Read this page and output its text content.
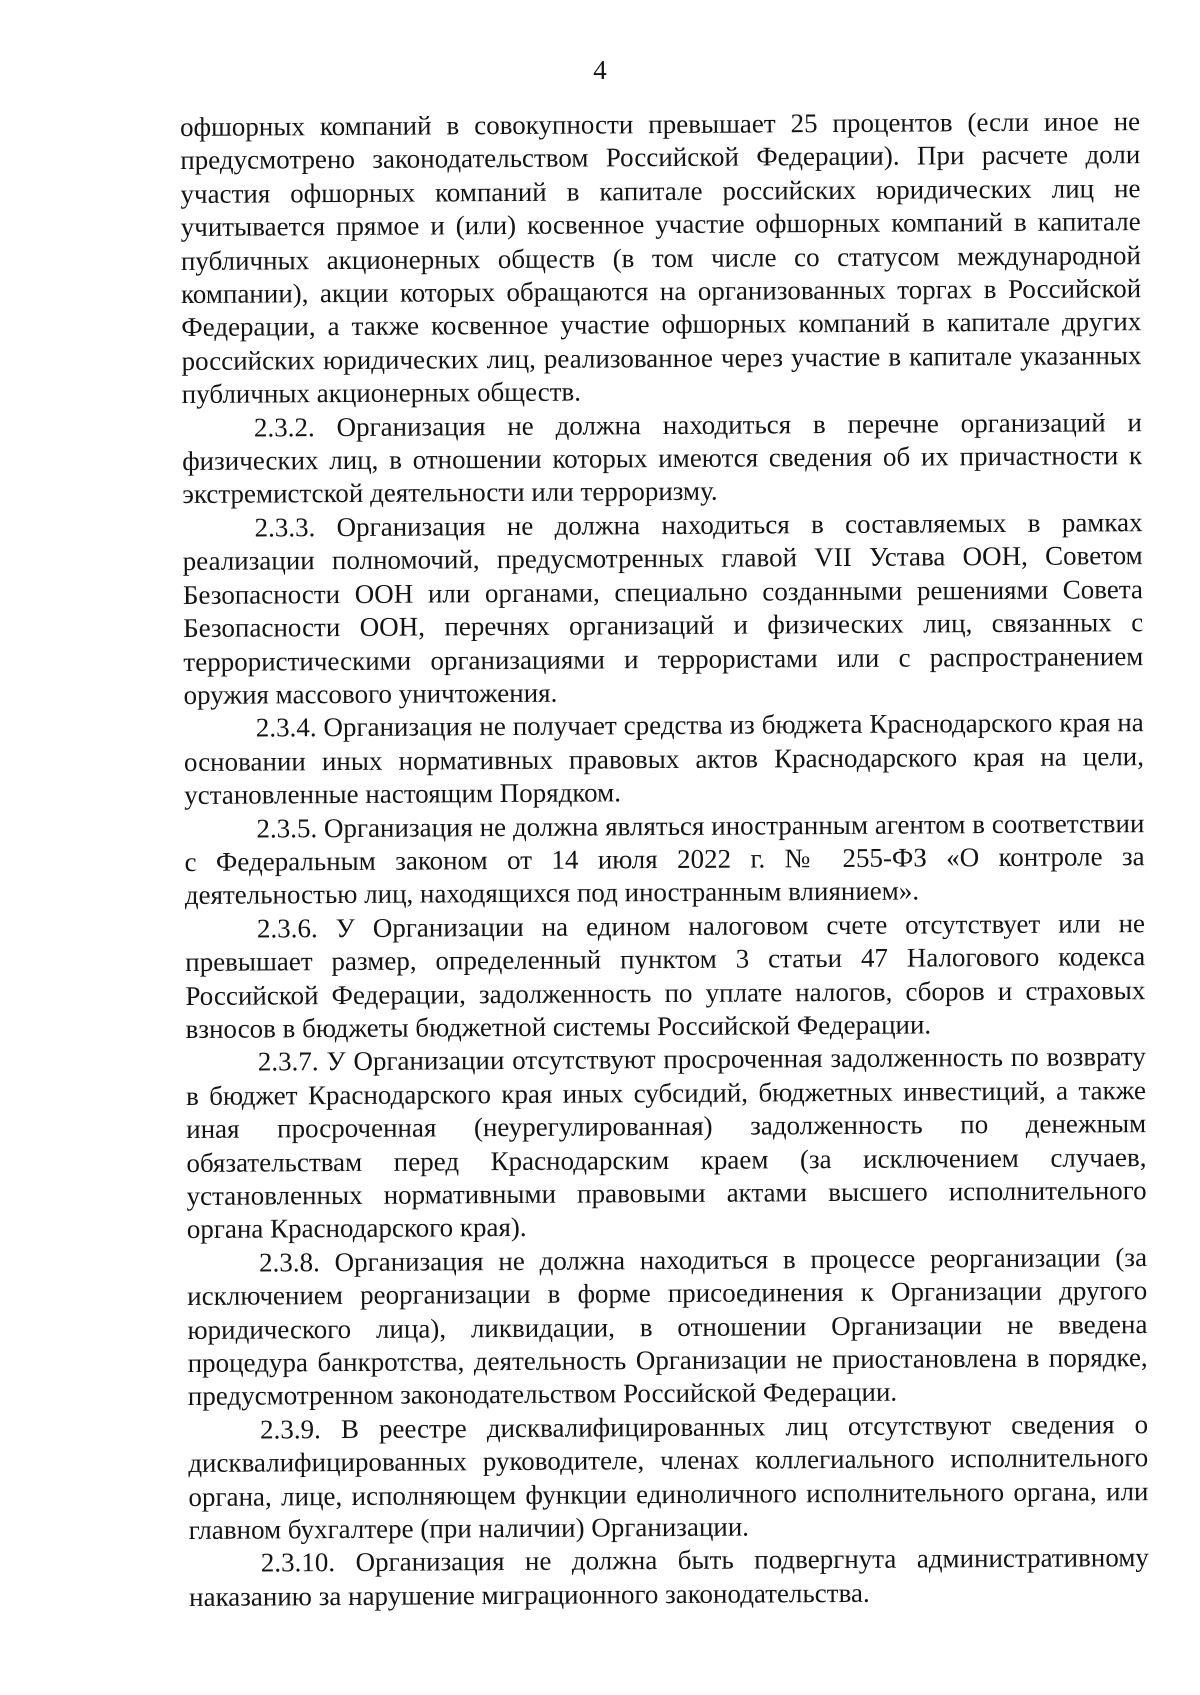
4

офшорных компаний в совокупности превышает 25 процентов (если иное не предусмотрено законодательством Российской Федерации). При расчете доли участия офшорных компаний в капитале российских юридических лиц не учитывается прямое и (или) косвенное участие офшорных компаний в капитале публичных акционерных обществ (в том числе со статусом международной компании), акции которых обращаются на организованных торгах в Российской Федерации, а также косвенное участие офшорных компаний в капитале других российских юридических лиц, реализованное через участие в капитале указанных публичных акционерных обществ.

2.3.2. Организация не должна находиться в перечне организаций и физических лиц, в отношении которых имеются сведения об их причастности к экстремистской деятельности или терроризму.

2.3.3. Организация не должна находиться в составляемых в рамках реализации полномочий, предусмотренных главой VII Устава ООН, Советом Безопасности ООН или органами, специально созданными решениями Совета Безопасности ООН, перечнях организаций и физических лиц, связанных с террористическими организациями и террористами или с распространением оружия массового уничтожения.

2.3.4. Организация не получает средства из бюджета Краснодарского края на основании иных нормативных правовых актов Краснодарского края на цели, установленные настоящим Порядком.

2.3.5. Организация не должна являться иностранным агентом в соответствии с Федеральным законом от 14 июля 2022 г. № 255-ФЗ «О контроле за деятельностью лиц, находящихся под иностранным влиянием».

2.3.6. У Организации на едином налоговом счете отсутствует или не превышает размер, определенный пунктом 3 статьи 47 Налогового кодекса Российской Федерации, задолженность по уплате налогов, сборов и страховых взносов в бюджеты бюджетной системы Российской Федерации.

2.3.7. У Организации отсутствуют просроченная задолженность по возврату в бюджет Краснодарского края иных субсидий, бюджетных инвестиций, а также иная просроченная (неурегулированная) задолженность по денежным обязательствам перед Краснодарским краем (за исключением случаев, установленных нормативными правовыми актами высшего исполнительного органа Краснодарского края).

2.3.8. Организация не должна находиться в процессе реорганизации (за исключением реорганизации в форме присоединения к Организации другого юридического лица), ликвидации, в отношении Организации не введена процедура банкротства, деятельность Организации не приостановлена в порядке, предусмотренном законодательством Российской Федерации.

2.3.9. В реестре дисквалифицированных лиц отсутствуют сведения о дисквалифицированных руководителе, членах коллегиального исполнительного органа, лице, исполняющем функции единоличного исполнительного органа, или главном бухгалтере (при наличии) Организации.

2.3.10. Организация не должна быть подвергнута административному наказанию за нарушение миграционного законодательства.
